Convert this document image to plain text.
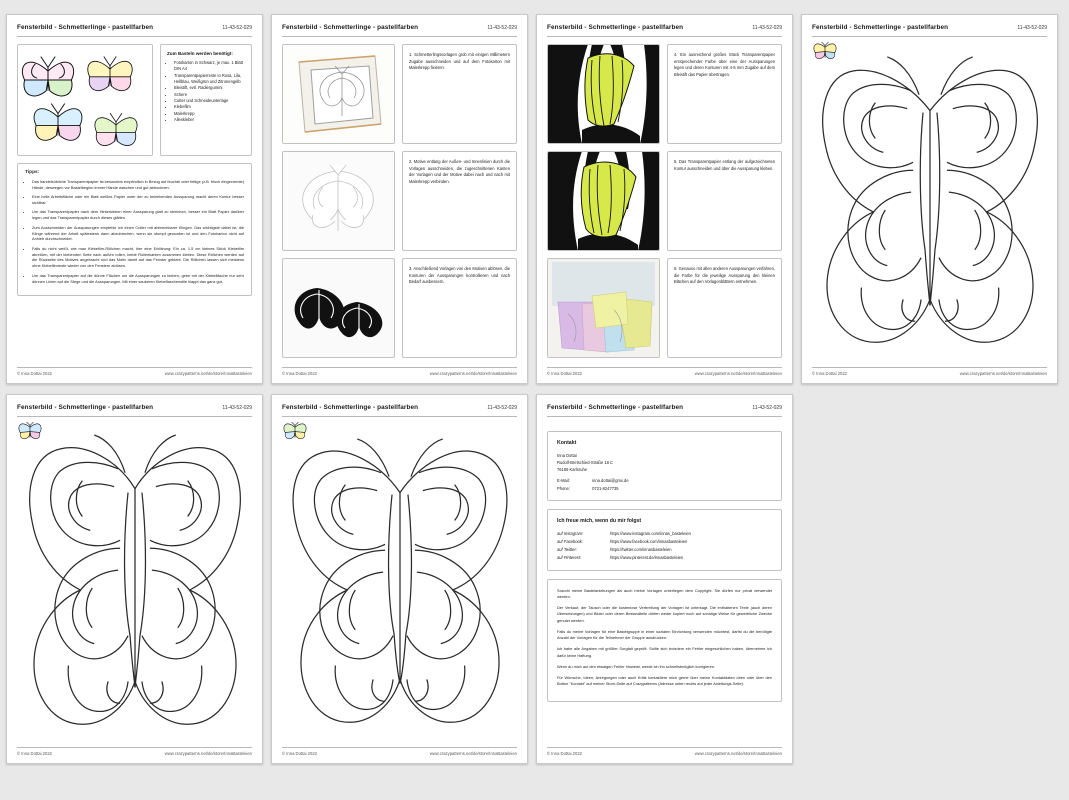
Fensterbild - Schmetterlinge - pastellfarben	11-43-52-029
Zum Basteln werden benötigt:
• Fotokarton in Schwarz, je max. 1 Blatt DIN A4
• Transparentpapierreste in Rosa, Lila, Hellblau, Weißgrün und Zitronengelb
• Bleistift, evtl. Radiergummi
• Schere
• Cutter und Schneideunterlage
• Klebefilm
• Malerkrepp
• Alleskleber
Tipps:
• Das handelsübliche Transparentpapier ist besonders empfindlich in Bezug auf feuchte oder fettige (z.B. frisch eingecremte) Hände, deswegen vor Bastelbeginn immer Hände waschen und gut abtrocknen.
• Eine helle Arbeitsfläche oder ein Blatt weißes Papier unter der zu beklebenden Aussparung macht deren Kontur besser sichtbar.
• Um das Transparentpapier nach dem Hinterkleben einer Aussparung glatt zu streichen, besser ein Blatt Papier darüber legen und das Transparentpapier durch dieses glätten.
• Zum Ausschneiden der Aussparungen empfehle ich einen Cutter mit abbrechbarer Klingen. Das wichtigste dabei ist, die Klinge während der Arbeit spätestens dann abzubrechen, wenn sie stumpf geworden ist und den Fotokarton nicht auf Anhieb durchschneidet.
• Falls du nicht weißt, wie man Klebefilm-Röllchen macht, hier eine Erklärung: Ein ca. 1,5 cm kleines Stück Klebefilm abreißen, mit der klebenden Seite nach außen rollen, beide Rollenkanten zusammen kleben. Diese Röllchen werden auf die Rückseite des Motives angebracht und das Motiv damit auf das Fenster geklebt. Die Röllchen lassen sich meistens ohne Klebefilmreste wieder von den Fenstern ablösen.
• Um das Transparentpapier auf die dünne Flächen um die Aussparungen zu kleben, gebe mit der Klebefläsche nur sehr dünnen Linien auf die Stege und die Aussparungen. Mit einer sauberen Klebeflaschenstile klappt das ganz gut.
© Inna Dottai 2022	www.crazypatterns.net/de/store/InnaBasteleien
Fensterbild - Schmetterlinge - pastellfarben	11-43-52-029

1. Schmetterlingsvorlagen grob mit einigen Millimetern Zugabe ausschneiden und auf dem Fotokarton mit Malerkrepp fixieren.

2. Motive entlang der Außen- und Innenlinien durch die Vorlagen ausschneiden, die zugeschnittenen Kanten der Vorlagen und der Motive dabei nach und nach mit Malerkrepp verbinden.

3. Anschließend Vorlagen von den Motiven ablösen, die Konturen der Aussparungen kontrollieren und nach Bedarf ausbessern.

© Inna Dottai 2022	www.crazypatterns.net/de/store/InnaBasteleien
Fensterbild - Schmetterlinge - pastellfarben	11-43-52-029

4. Ein ausreichend großes Stück Transparentpapier entsprechender Farbe über eine der Aussparungen legen und deren Konturen mit 4-5 mm Zugabe auf dem Bleistift das Papier übertragen.

5. Das Transparentpapier entlang der aufgezeichneten Kontur ausschneiden und über die Aussparung kleben.

6. Genauso mit allen anderen Aussparungen verfahren, die Farbe für die jeweilige Aussparung den kleinen Blächen auf den Vorlagenblättern entnehmen.

© Inna Dottai 2022	www.crazypatterns.net/de/store/InnaBasteleien
Fensterbild - Schmetterlinge - pastellfarben	11-43-52-029
© Inna Dottai 2022	www.crazypatterns.net/de/store/InnaBasteleien
Fensterbild - Schmetterlinge - pastellfarben	11-43-52-029
© Inna Dottai 2022	www.crazypatterns.net/de/store/InnaBasteleien
Fensterbild - Schmetterlinge - pastellfarben	11-43-52-029
© Inna Dottai 2022	www.crazypatterns.net/de/store/InnaBasteleien
Fensterbild - Schmetterlinge - pastellfarben	11-43-52-029
Kontakt
Inna Dottai
Rudolf-Bretschied-Straße 18 C
76189 Karlsruhe
E-Mail:	inna.dottai@gmx.de
Phone:	0721-8247735
Ich freue mich, wenn du mir folgst
auf Instagram:	https://www.instagram.com/innas_basteleien
auf Facebook:	https://www.facebook.com/innasbasteleien
auf Twitter:	https://twitter.com/innasbasteleien
auf Pinterest:	https://www.pinterest.de/innasbasteleien

Sowohl meine Bastelanleitungen als auch meine Vorlagen unterliegen dem Copyright. Sie dürfen nur privat verwendet werden.

Der Verkauf, der Tausch oder die kostenlose Verbreitung der Vorlagen ist untersagt. Die enthaltenen Texte (auch deren Übersetzungen) und Bilder oder deren Bestandteile dürfen weder kopiert noch auf sonstige Weise für gewerbliche Zwecke genutzt werden.

Falls du meine Vorlagen für eine Bastelgruppe in einer sozialen Einrichtung verwenden möchtest, darfst du die benötigte Anzahl der Vorlagen für die Teilnehmer der Gruppe ausdrucken.

Ich habe alle Angaben mit größter Sorgfalt geprüft. Sollte sich trotzdem ein Fehler eingeschlichen haben, übernehme ich dafür keine Haftung.

Wenn du mich auf den etwaigen Fehler hinweist, werde ich ihn schnellstmöglich korrigieren.

Für Wünsche, Ideen, Anregungen oder auch Kritik kontaktiere mich gerne über meine Kontaktdaten oben oder über den Button "Kontakt" auf meiner Store-Seite auf Crazypatterns (Adresse unten rechts auf jeder Anleitungs-Seite).

© Inna Dottai 2022	www.crazypatterns.net/de/store/InnaBasteleien
